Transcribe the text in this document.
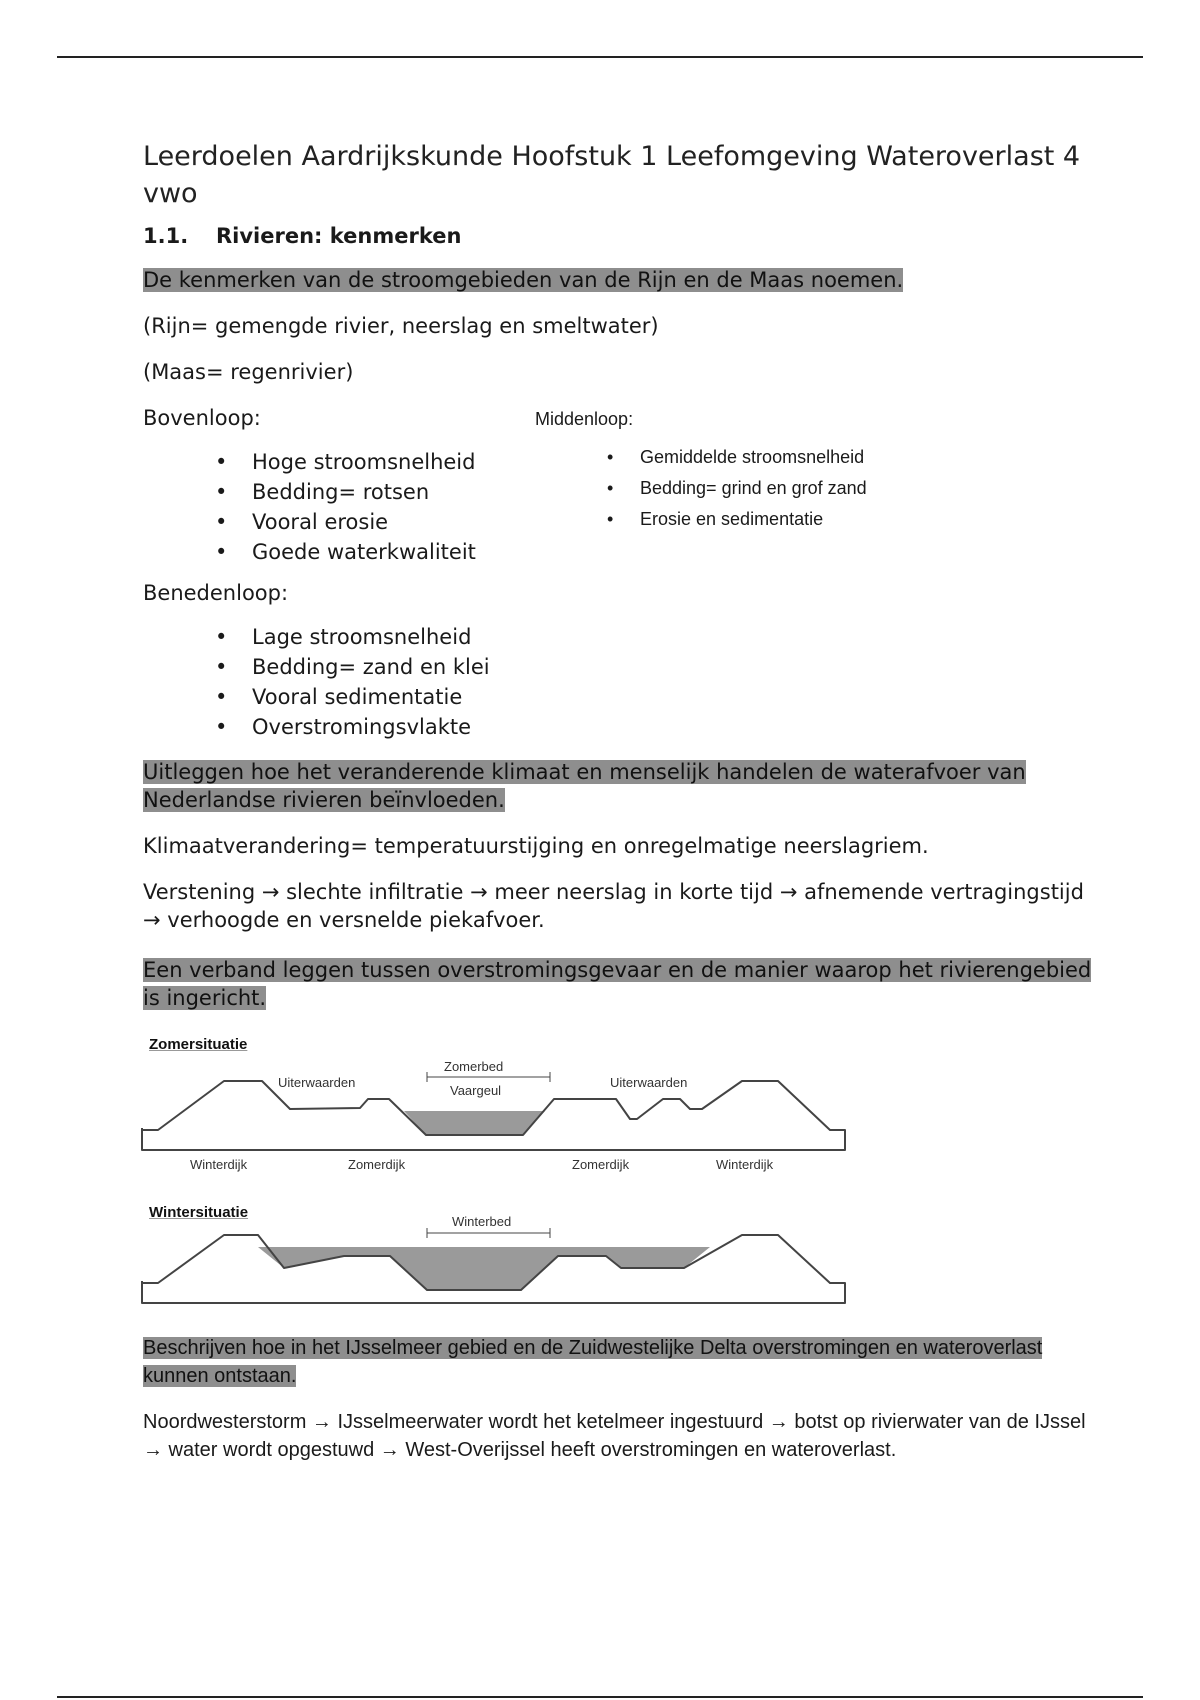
Leerdoelen Aardrijkskunde Hoofstuk 1 Leefomgeving Wateroverlast 4 vwo
1.1. Rivieren: kenmerken

De kenmerken van de stroomgebieden van de Rijn en de Maas noemen.

(Rijn= gemengde rivier, neerslag en smeltwater)

(Maas= regenrivier)

Bovenloop:

• Hoge stroomsnelheid
• Bedding= rotsen
• Vooral erosie
• Goede waterkwaliteit
Middenloop:
• Gemiddelde stroomsnelheid
• Bedding= grind en grof zand
• Erosie en sedimentatie

Benedenloop:

• Lage stroomsnelheid
• Bedding= zand en klei
• Vooral sedimentatie
• Overstromingsvlakte

Uitleggen hoe het veranderende klimaat en menselijk handelen de waterafvoer van Nederlandse rivieren beïnvloeden.

Klimaatverandering= temperatuurstijging en onregelmatige neerslagriem.

Verstening → slechte infiltratie → meer neerslag in korte tijd → afnemende vertragingstijd → verhoogde en versnelde piekafvoer.

Een verband leggen tussen overstromingsgevaar en de manier waarop het rivierengebied is ingericht.

Zomersituatie
Zomerbed
Vaargeul
Uiterwaarden	Uiterwaarden
Winterdijk	Zomerdijk	Zomerdijk	Winterdijk
Wintersituatie
Winterbed

Beschrijven hoe in het IJsselmeer gebied en de Zuidwestelijke Delta overstromingen en wateroverlast kunnen ontstaan.

Noordwesterstorm → IJsselmeerwater wordt het ketelmeer ingestuurd → botst op rivierwater van de IJssel → water wordt opgestuwd → West-Overijssel heeft overstromingen en wateroverlast.
